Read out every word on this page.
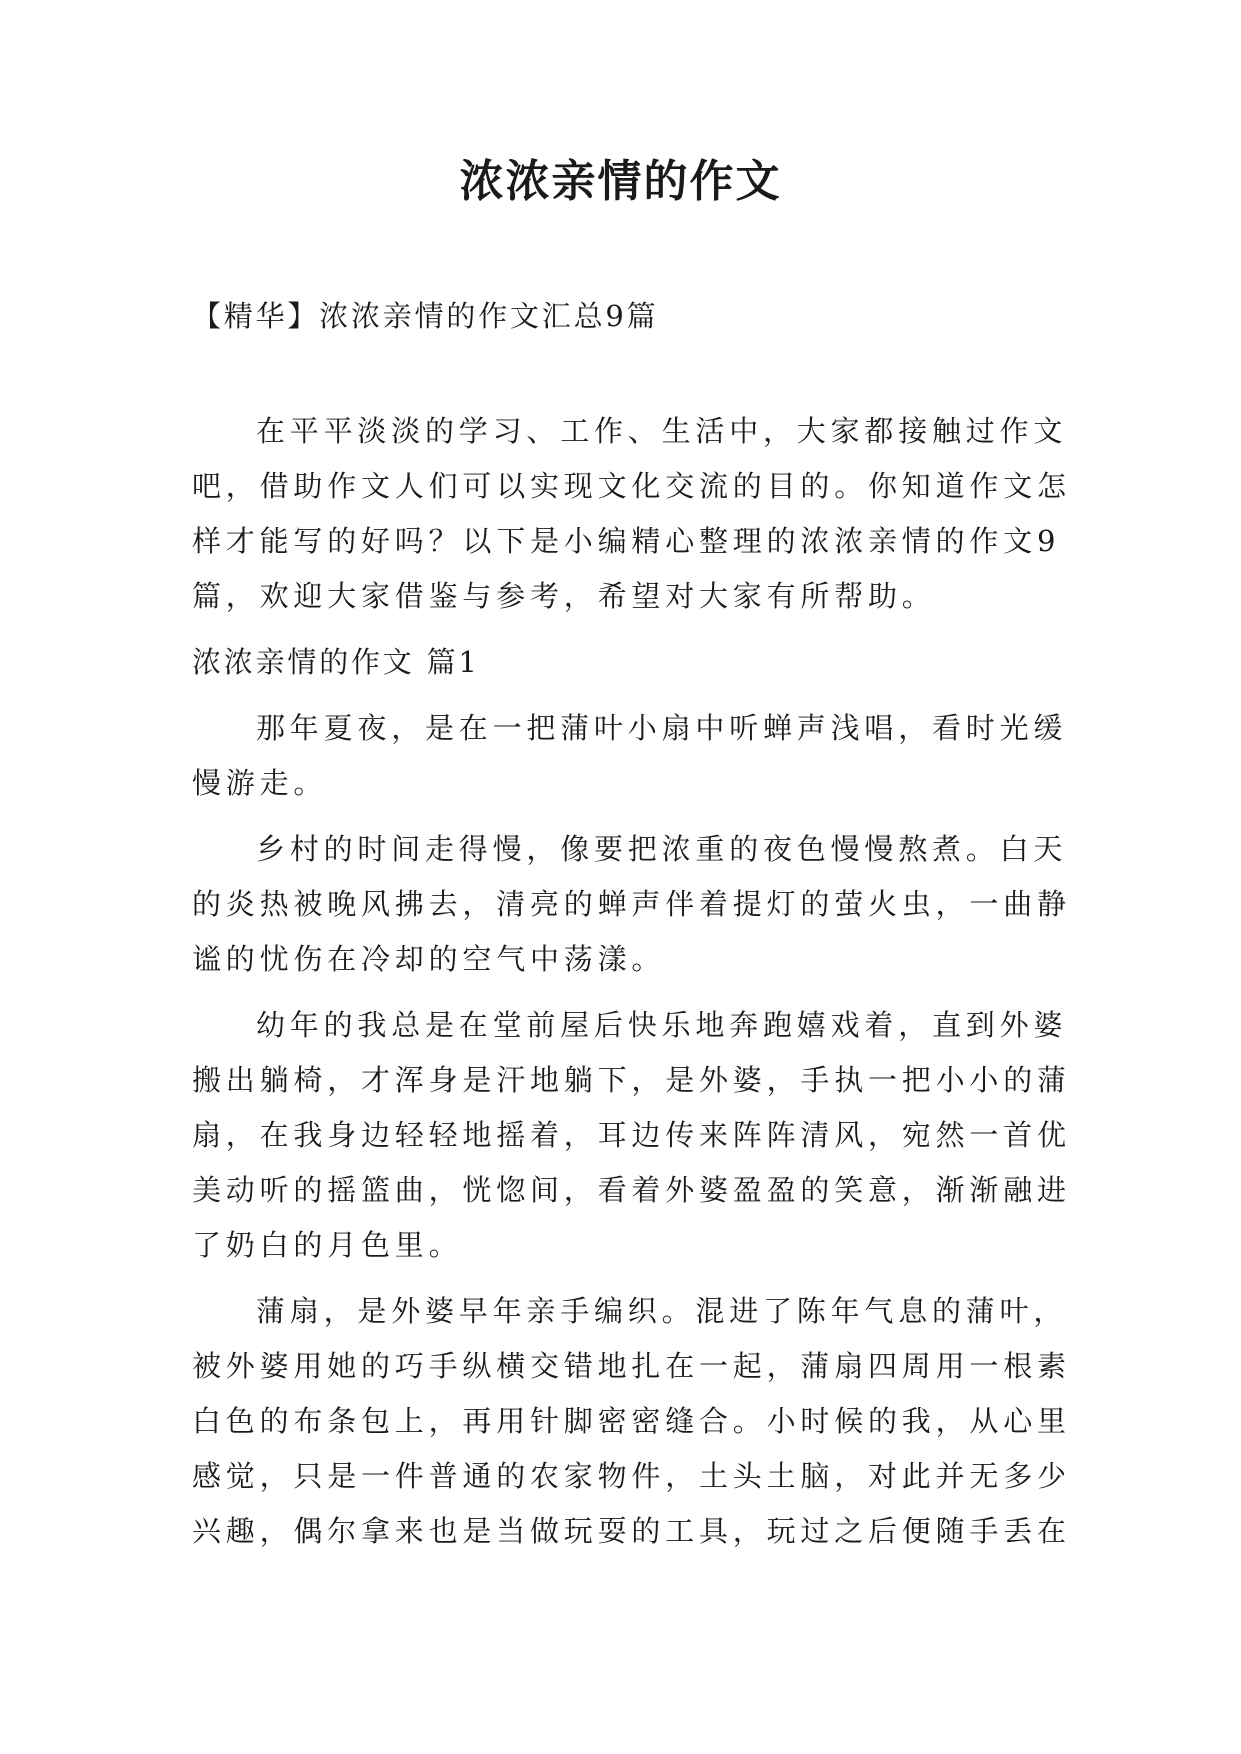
浓浓亲情的作文
【精华】浓浓亲情的作文汇总9篇
在平平淡淡的学习、工作、生活中，大家都接触过作文
吧，借助作文人们可以实现文化交流的目的。你知道作文怎
样才能写的好吗？以下是小编精心整理的浓浓亲情的作文9
篇，欢迎大家借鉴与参考，希望对大家有所帮助。
浓浓亲情的作文 篇1
那年夏夜，是在一把蒲叶小扇中听蝉声浅唱，看时光缓
慢游走。
乡村的时间走得慢，像要把浓重的夜色慢慢熬煮。白天
的炎热被晚风拂去，清亮的蝉声伴着提灯的萤火虫，一曲静
谧的忧伤在冷却的空气中荡漾。
幼年的我总是在堂前屋后快乐地奔跑嬉戏着，直到外婆
搬出躺椅，才浑身是汗地躺下，是外婆，手执一把小小的蒲
扇，在我身边轻轻地摇着，耳边传来阵阵清风，宛然一首优
美动听的摇篮曲，恍惚间，看着外婆盈盈的笑意，渐渐融进
了奶白的月色里。
蒲扇，是外婆早年亲手编织。混进了陈年气息的蒲叶，
被外婆用她的巧手纵横交错地扎在一起，蒲扇四周用一根素
白色的布条包上，再用针脚密密缝合。小时候的我，从心里
感觉，只是一件普通的农家物件，土头土脑，对此并无多少
兴趣，偶尔拿来也是当做玩耍的工具，玩过之后便随手丢在
